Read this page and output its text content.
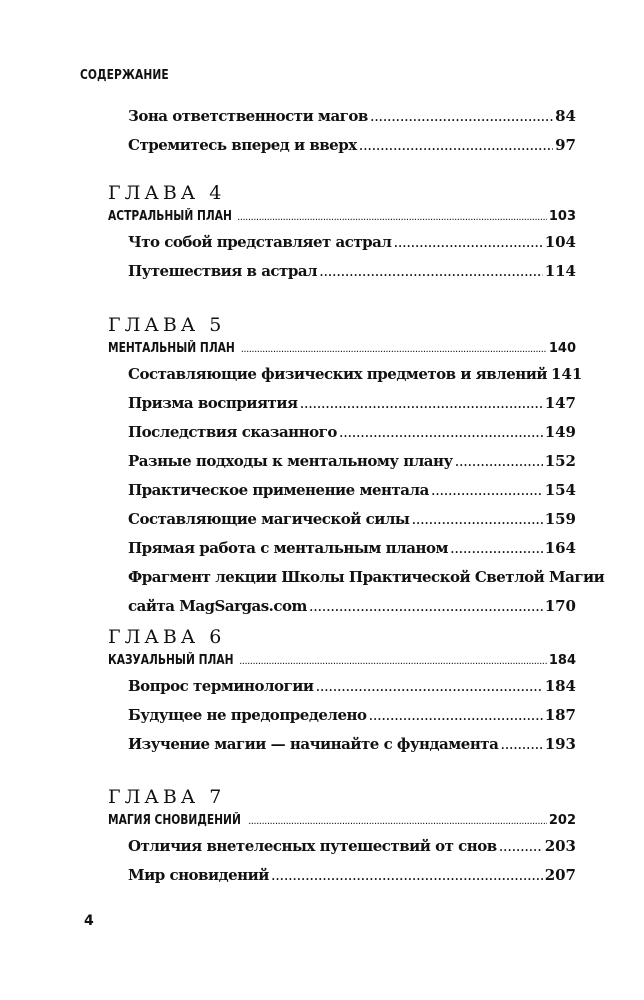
СОДЕРЖАНИЕ
Зона ответственности магов .....	84
Стремитесь вперед и вверх .....	97
ГЛАВА 4
АСТРАЛЬНЫЙ ПЛАН .....	103
Что собой представляет астрал .....	104
Путешествия в астрал .....	114
ГЛАВА 5
МЕНТАЛЬНЫЙ ПЛАН .....	140
Составляющие физических предметов и явлений 141
Призма восприятия .....	147
Последствия сказанного .....	149
Разные подходы к ментальному плану .....	152
Практическое применение ментала .....	154
Составляющие магической силы .....	159
Прямая работа с ментальным планом .....	164
Фрагмент лекции Школы Практической Светлой Магии
сайта MagSargas.com .....	170
ГЛАВА 6
КАЗУАЛЬНЫЙ ПЛАН .....	184
Вопрос терминологии .....	184
Будущее не предопределено .....	187
Изучение магии — начинайте с фундамента .....	193
ГЛАВА 7
МАГИЯ СНОВИДЕНИЙ .....	202
Отличия внетелесных путешествий от снов .....	203
Мир сновидений .....	207
4
